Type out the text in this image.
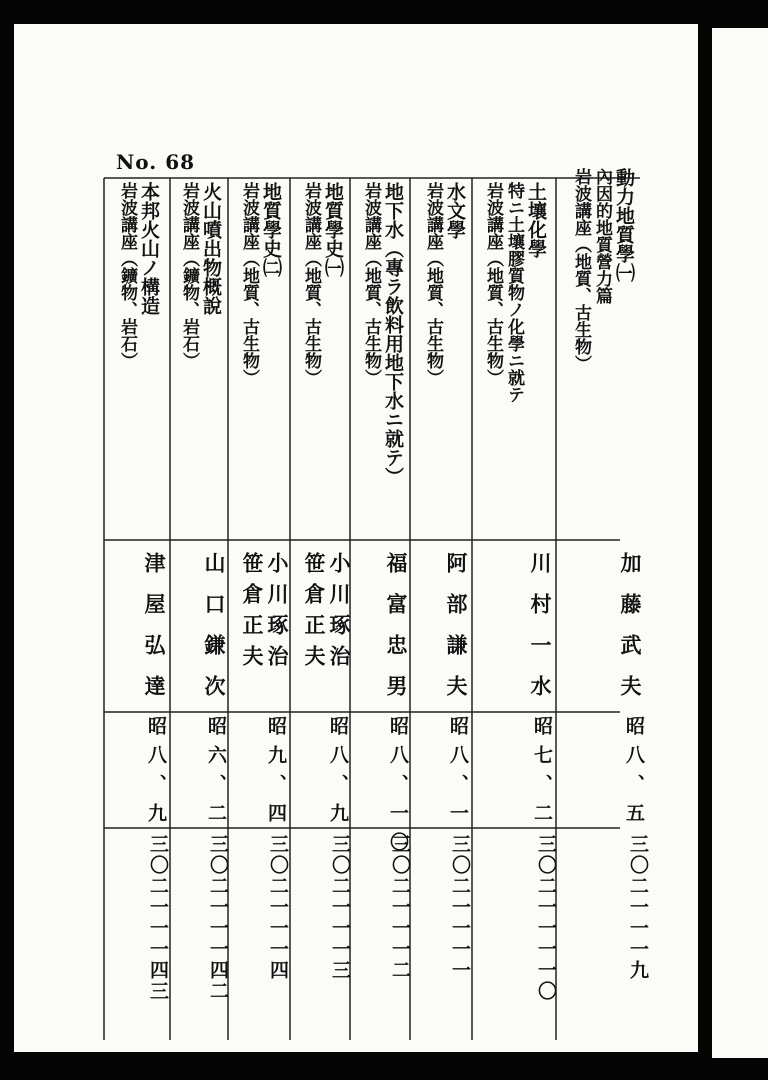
No. 68
動力地質學㈠
內因的地質營力篇
岩波講座（地質、古生物）
加藤武夫
昭八、五
三〇二一一一九
土壤化學
特ニ土壤膠質物ノ化學ニ就テ
岩波講座（地質、古生物）
川村一水
昭七、二
三〇二一一一一〇
水文學
岩波講座（地質、古生物）
阿部謙夫
昭八、一
三〇二一一一一
地下水（專ラ飲料用地下水ニ就テ）
岩波講座（地質、古生物）
福富忠男
昭八、一〇
三〇二一一一二
地質學史㈠
岩波講座（地質、古生物）
小川琢治
笹倉正夫
昭八、九
三〇二一一一三
地質學史㈡
岩波講座（地質、古生物）
小川琢治
笹倉正夫
昭九、四
三〇二一一一四
火山噴出物概說
岩波講座（鑛物、岩石）
山口鎌次
昭六、二
三〇二一一一四二
本邦火山ノ構造
岩波講座（鑛物、岩石）
津屋弘達
昭八、九
三〇二一一一四三
